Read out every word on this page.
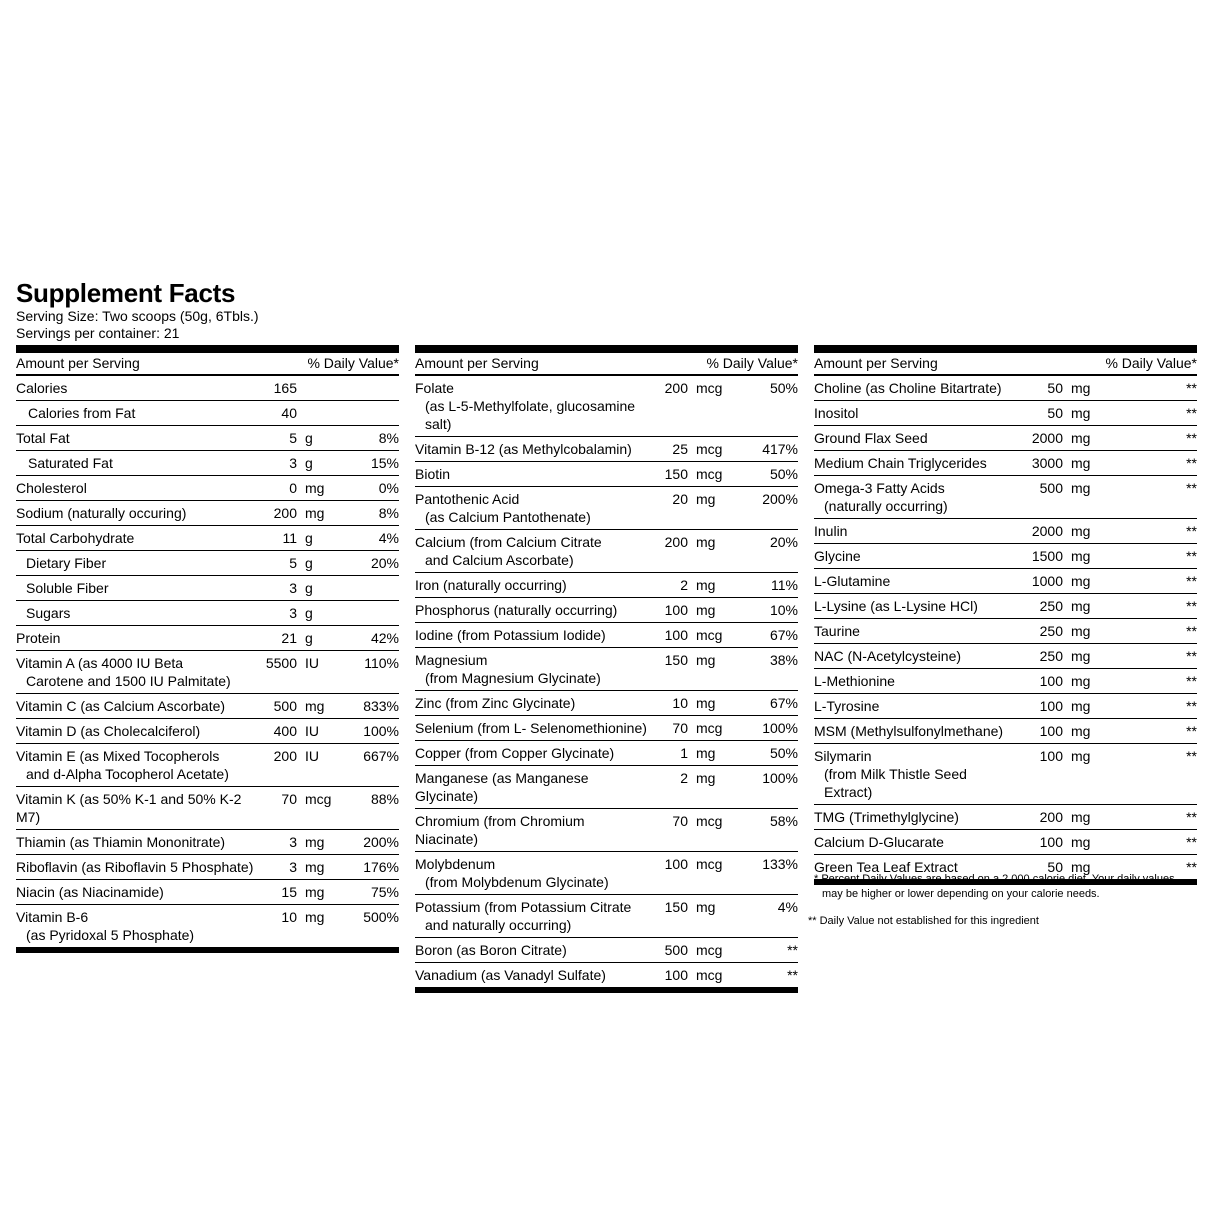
Supplement Facts
Serving Size: Two scoops (50g, 6Tbls.)
Servings per container: 21
Amount per Serving	% Daily Value*
Calories	165
Calories from Fat	40
Total Fat	5 g	8%
Saturated Fat	3 g	15%
Cholesterol	0 mg	0%
Sodium (naturally occuring)	200 mg	8%
Total Carbohydrate	11 g	4%
Dietary Fiber	5 g	20%
Soluble Fiber	3 g
Sugars	3 g
Protein	21 g	42%
Vitamin A (as 4000 IU Beta
Carotene and 1500 IU Palmitate)
5500 IU	110%
Vitamin C (as Calcium Ascorbate)	500 mg	833%
Vitamin D (as Cholecalciferol)	400 IU	100%
Vitamin E (as Mixed Tocopherols
and d-Alpha Tocopherol Acetate)
200 IU	667%
Vitamin K (as 50% K-1 and 50% K-2 M7)
70 mcg	88%
Thiamin (as Thiamin Mononitrate)	3 mg	200%
Riboflavin (as Riboflavin 5 Phosphate)	3 mg	176%
Niacin (as Niacinamide)	15 mg	75%
Vitamin B-6
(as Pyridoxal 5 Phosphate)
10 mg	500%
Amount per Serving	% Daily Value*
Folate
(as L-5-Methylfolate, glucosamine salt)
200 mcg	50%
Vitamin B-12 (as Methylcobalamin)	25 mcg	417%
Biotin	150 mcg	50%
Pantothenic Acid
(as Calcium Pantothenate)
20 mg	200%
Calcium (from Calcium Citrate
and Calcium Ascorbate)
200 mg	20%
Iron (naturally occurring)	2 mg	11%
Phosphorus (naturally occurring)	100 mg	10%
Iodine (from Potassium Iodide)	100 mcg	67%
Magnesium
(from Magnesium Glycinate)
150 mg	38%
Zinc (from Zinc Glycinate)	10 mg	67%
Selenium (from L- Selenomethionine)	70 mcg	100%
Copper (from Copper Glycinate)	1 mg	50%
Manganese (as Manganese Glycinate)
2 mg	100%
Chromium (from Chromium Niacinate)
70 mcg	58%
Molybdenum
(from Molybdenum Glycinate)
100 mcg	133%
Potassium (from Potassium Citrate
and naturally occurring)
150 mg	4%
Boron (as Boron Citrate)	500 mcg	**
Vanadium (as Vanadyl Sulfate)	100 mcg	**
Amount per Serving	% Daily Value*
Choline (as Choline Bitartrate)	50 mg	**
Inositol	50 mg	**
Ground Flax Seed	2000 mg	**
Medium Chain Triglycerides	3000 mg	**
Omega-3 Fatty Acids
(naturally occurring)
500 mg	**
Inulin	2000 mg	**
Glycine	1500 mg	**
L-Glutamine	1000 mg	**
L-Lysine (as L-Lysine HCl)	250 mg	**
Taurine	250 mg	**
NAC (N-Acetylcysteine)	250 mg	**
L-Methionine	100 mg	**
L-Tyrosine	100 mg	**
MSM (Methylsulfonylmethane)	100 mg	**
Silymarin
(from Milk Thistle Seed Extract)
100 mg	**
TMG (Trimethylglycine)	200 mg	**
Calcium D-Glucarate	100 mg	**
Green Tea Leaf Extract	50 mg	**
* Percent Daily Values are based on a 2,000 calorie diet. Your daily values may be higher or lower depending on your calorie needs.
** Daily Value not established for this ingredient
